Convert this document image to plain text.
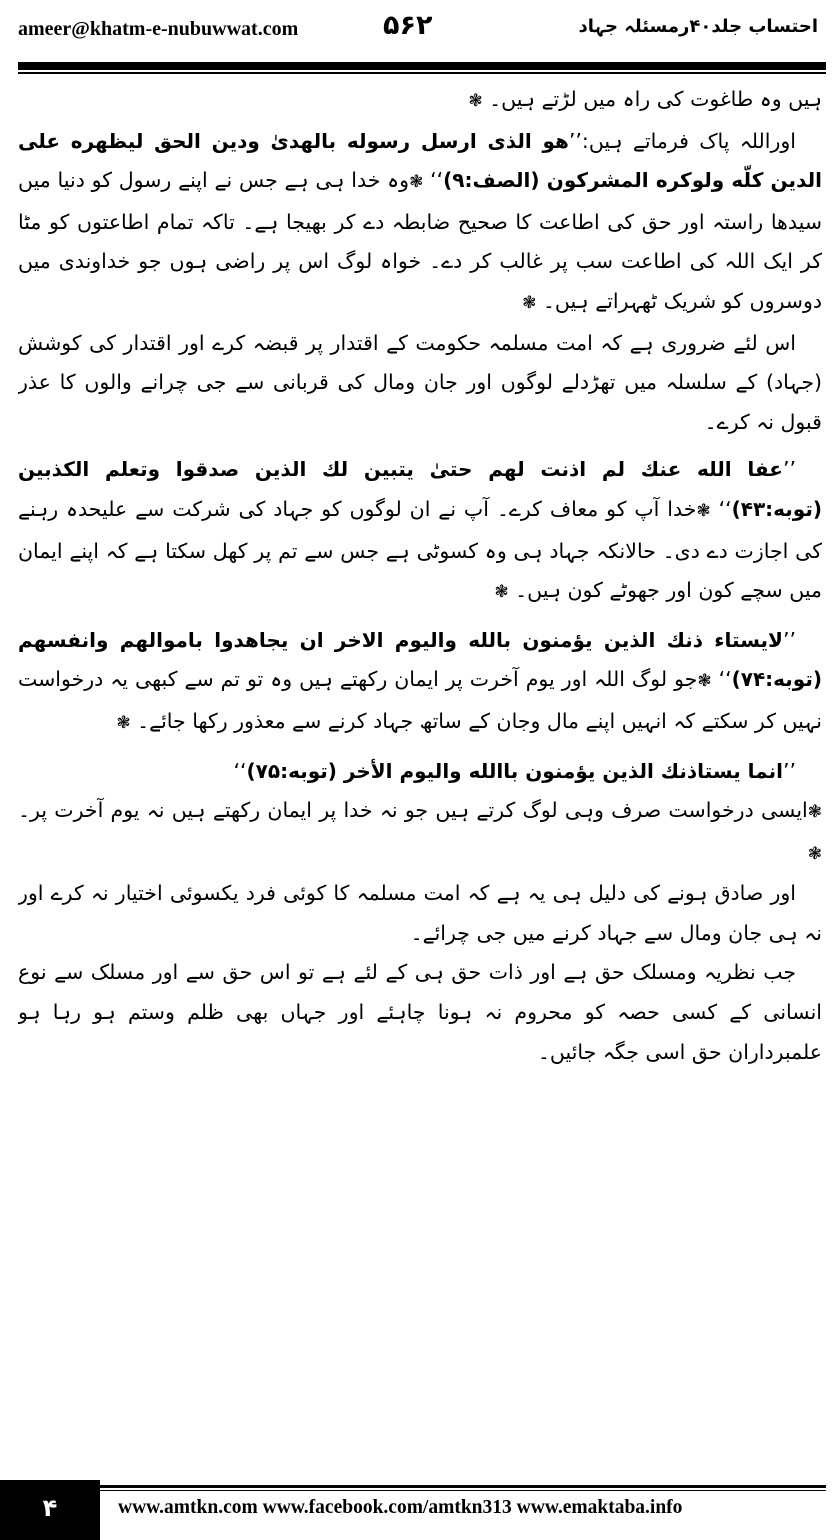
ameer@khatm-e-nubuwwat.com	۵۶۲	احتساب جلد۴۰رمسئلہ جہاد

ہیں وہ طاغوت کی راہ میں لڑتے ہیں۔ ❃

اوراللہ پاک فرماتے ہیں:’’هو الذی ارسل رسوله بالهدیٰ ودین الحق لیظهره علی الدین کلّه ولوکره المشرکون (الصف:۹)‘‘ ❃وہ خدا ہی ہے جس نے اپنے رسول کو دنیا میں سیدھا راستہ اور حق کی اطاعت کا صحیح ضابطہ دے کر بھیجا ہے۔ تاکہ تمام اطاعتوں کو مٹا کر ایک اللہ کی اطاعت سب پر غالب کر دے۔ خواہ لوگ اس پر راضی ہوں جو خداوندی میں دوسروں کو شریک ٹھہراتے ہیں۔ ❃

اس لئے ضروری ہے کہ امت مسلمہ حکومت کے اقتدار پر قبضہ کرے اور اقتدار کی کوشش (جہاد) کے سلسلہ میں تھڑدلے لوگوں اور جان ومال کی قربانی سے جی چرانے والوں کا عذر قبول نہ کرے۔

’’عفا الله عنك لم اذنت لهم حتیٰ یتبین لك الذین صدقوا وتعلم الکذبین (توبه:۴۳)‘‘ ❃خدا آپ کو معاف کرے۔ آپ نے ان لوگوں کو جہاد کی شرکت سے علیحدہ رہنے کی اجازت دے دی۔ حالانکہ جہاد ہی وہ کسوٹی ہے جس سے تم پر کھل سکتا ہے کہ اپنے ایمان میں سچے کون اور جھوٹے کون ہیں۔ ❃

’’لایستاء ذنك الذین یؤمنون بالله والیوم الاخر ان یجاهدوا باموالهم وانفسهم (توبه:۷۴)‘‘ ❃جو لوگ اللہ اور یوم آخرت پر ایمان رکھتے ہیں وہ تو تم سے کبھی یہ درخواست نہیں کر سکتے کہ انہیں اپنے مال وجان کے ساتھ جہاد کرنے سے معذور رکھا جائے۔ ❃

’’انما یستاذنك الذین یؤمنون باالله والیوم الأخر (توبه:۷۵)‘‘

❃ایسی درخواست صرف وہی لوگ کرتے ہیں جو نہ خدا پر ایمان رکھتے ہیں نہ یوم آخرت پر۔ ❃

اور صادق ہونے کی دلیل ہی یہ ہے کہ امت مسلمہ کا کوئی فرد یکسوئی اختیار نہ کرے اور نہ ہی جان ومال سے جہاد کرنے میں جی چرائے۔

جب نظریہ ومسلک حق ہے اور ذات حق ہی کے لئے ہے تو اس حق سے اور مسلک سے نوع انسانی کے کسی حصہ کو محروم نہ ہونا چاہئے اور جہاں بھی ظلم وستم ہو رہا ہو علمبرداران حق اسی جگہ جائیں۔

۴	www.amtkn.com www.facebook.com/amtkn313 www.emaktaba.info
